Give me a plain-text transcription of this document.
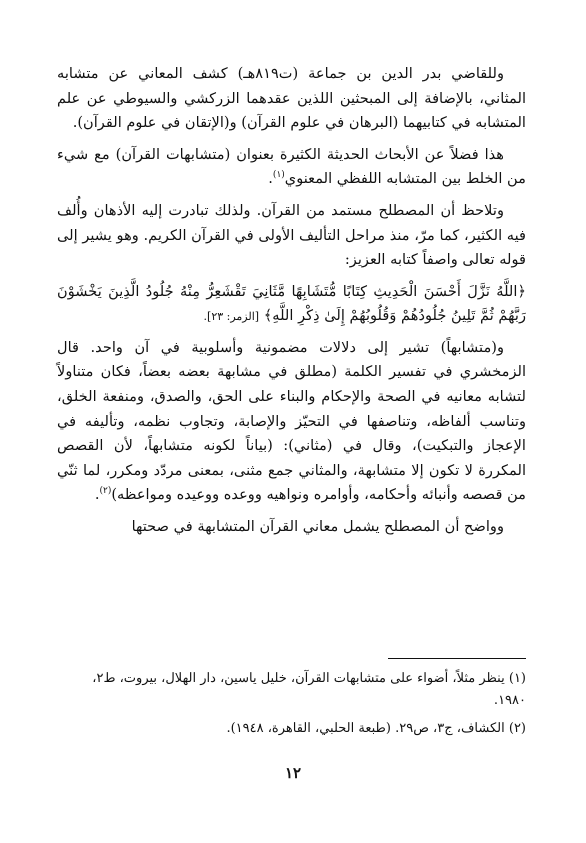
وللقاضي بدر الدين بن جماعة (ت٨١٩هـ) كشف المعاني عن متشابه المثاني، بالإضافة إلى المبحثين اللذين عقدهما الزركشي والسيوطي عن علم المتشابه في كتابيهما (البرهان في علوم القرآن) و(الإتقان في علوم القرآن).

هذا فضلاً عن الأبحاث الحديثة الكثيرة بعنوان (متشابهات القرآن) مع شيء من الخلط بين المتشابه اللفظي المعنوي$^{(١)}$.

وتلاحظ أن المصطلح مستمد من القرآن. ولذلك تبادرت إليه الأذهان وأُلف فيه الكثير، كما مرّ، منذ مراحل التأليف الأولى في القرآن الكريم. وهو يشير إلى قوله تعالى واصفاً كتابه العزيز:

﴿اللَّهُ نَزَّلَ أَحْسَنَ الْحَدِيثِ كِتَابًا مُّتَشَابِهًا مَّثَانِيَ تَقْشَعِرُّ مِنْهُ جُلُودُ الَّذِينَ يَخْشَوْنَ رَبَّهُمْ ثُمَّ تَلِينُ جُلُودُهُمْ وَقُلُوبُهُمْ إِلَىٰ ذِكْرِ اللَّهِ﴾ [الزمر: ٢٣].

و(متشابهاً) تشير إلى دلالات مضمونية وأسلوبية في آن واحد. قال الزمخشري في تفسير الكلمة (مطلق في مشابهة بعضه بعضاً، فكان متناولاً لتشابه معانيه في الصحة والإحكام والبناء على الحق، والصدق، ومنفعة الخلق، وتناسب ألفاظه، وتناصفها في التحيّز والإصابة، وتجاوب نظمه، وتأليفه في الإعجاز والتبكيت)، وقال في (مثاني): (بياناً لكونه متشابهاً، لأن القصص المكررة لا تكون إلا متشابهة، والمثاني جمع مثنى، بمعنى مردّد ومكرر، لما ثنّي من قصصه وأنبائه وأحكامه، وأوامره ونواهيه ووعده ووعيده ومواعظه)$^{(٢)}$.

وواضح أن المصطلح يشمل معاني القرآن المتشابهة في صحتها

(١) ينظر مثلاً، أضواء على متشابهات القرآن، خليل ياسين، دار الهلال، بيروت، ط٢، ١٩٨٠.

(٢) الكشاف، ج٣، ص٢٩. (طبعة الحلبي، القاهرة، ١٩٤٨).

١٢
